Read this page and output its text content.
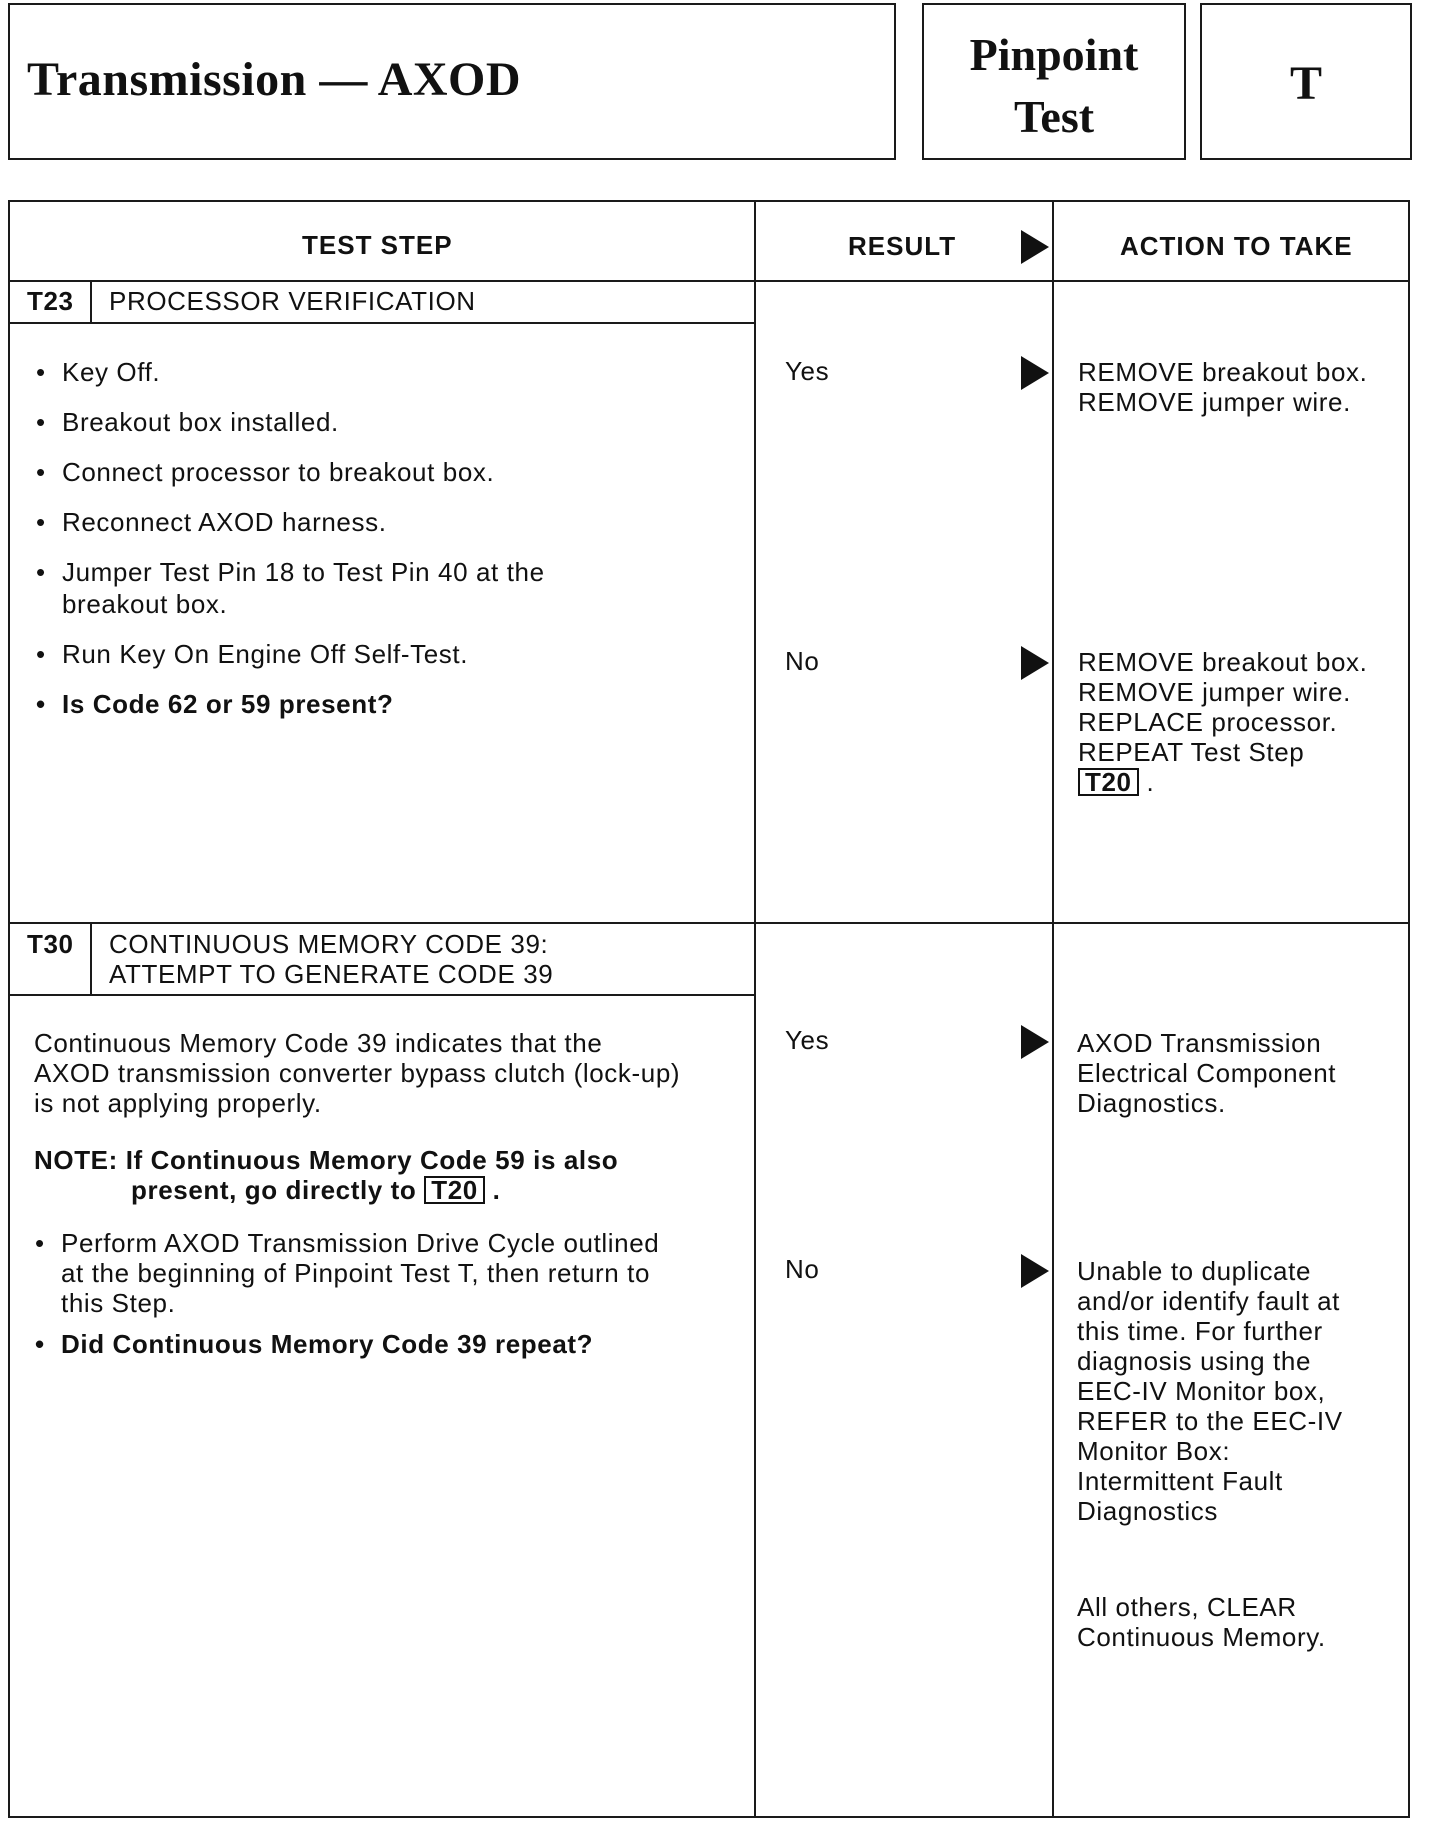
Transmission — AXOD	Pinpoint
Test
T
TEST STEP	RESULT	ACTION TO TAKE
T23 PROCESSOR VERIFICATION
• Key Off.
• Breakout box installed.
• Connect processor to breakout box.
• Reconnect AXOD harness.
• Jumper Test Pin 18 to Test Pin 40 at the
breakout box.
• Run Key On Engine Off Self-Test.
• Is Code 62 or 59 present?
Yes	REMOVE breakout box.
REMOVE jumper wire.
No	REMOVE breakout box.
REMOVE jumper wire.
REPLACE processor.
REPEAT Test Step
T20 .
T30 CONTINUOUS MEMORY CODE 39:
ATTEMPT TO GENERATE CODE 39
Continuous Memory Code 39 indicates that the
AXOD transmission converter bypass clutch (lock-up)
is not applying properly.
NOTE: If Continuous Memory Code 59 is also
present, go directly to T20 .
• Perform AXOD Transmission Drive Cycle outlined
at the beginning of Pinpoint Test T, then return to
this Step.
• Did Continuous Memory Code 39 repeat?
Yes	AXOD Transmission
Electrical Component
Diagnostics.
No	Unable to duplicate
and/or identify fault at
this time. For further
diagnosis using the
EEC-IV Monitor box,
REFER to the EEC-IV
Monitor Box:
Intermittent Fault
Diagnostics
All others, CLEAR
Continuous Memory.
